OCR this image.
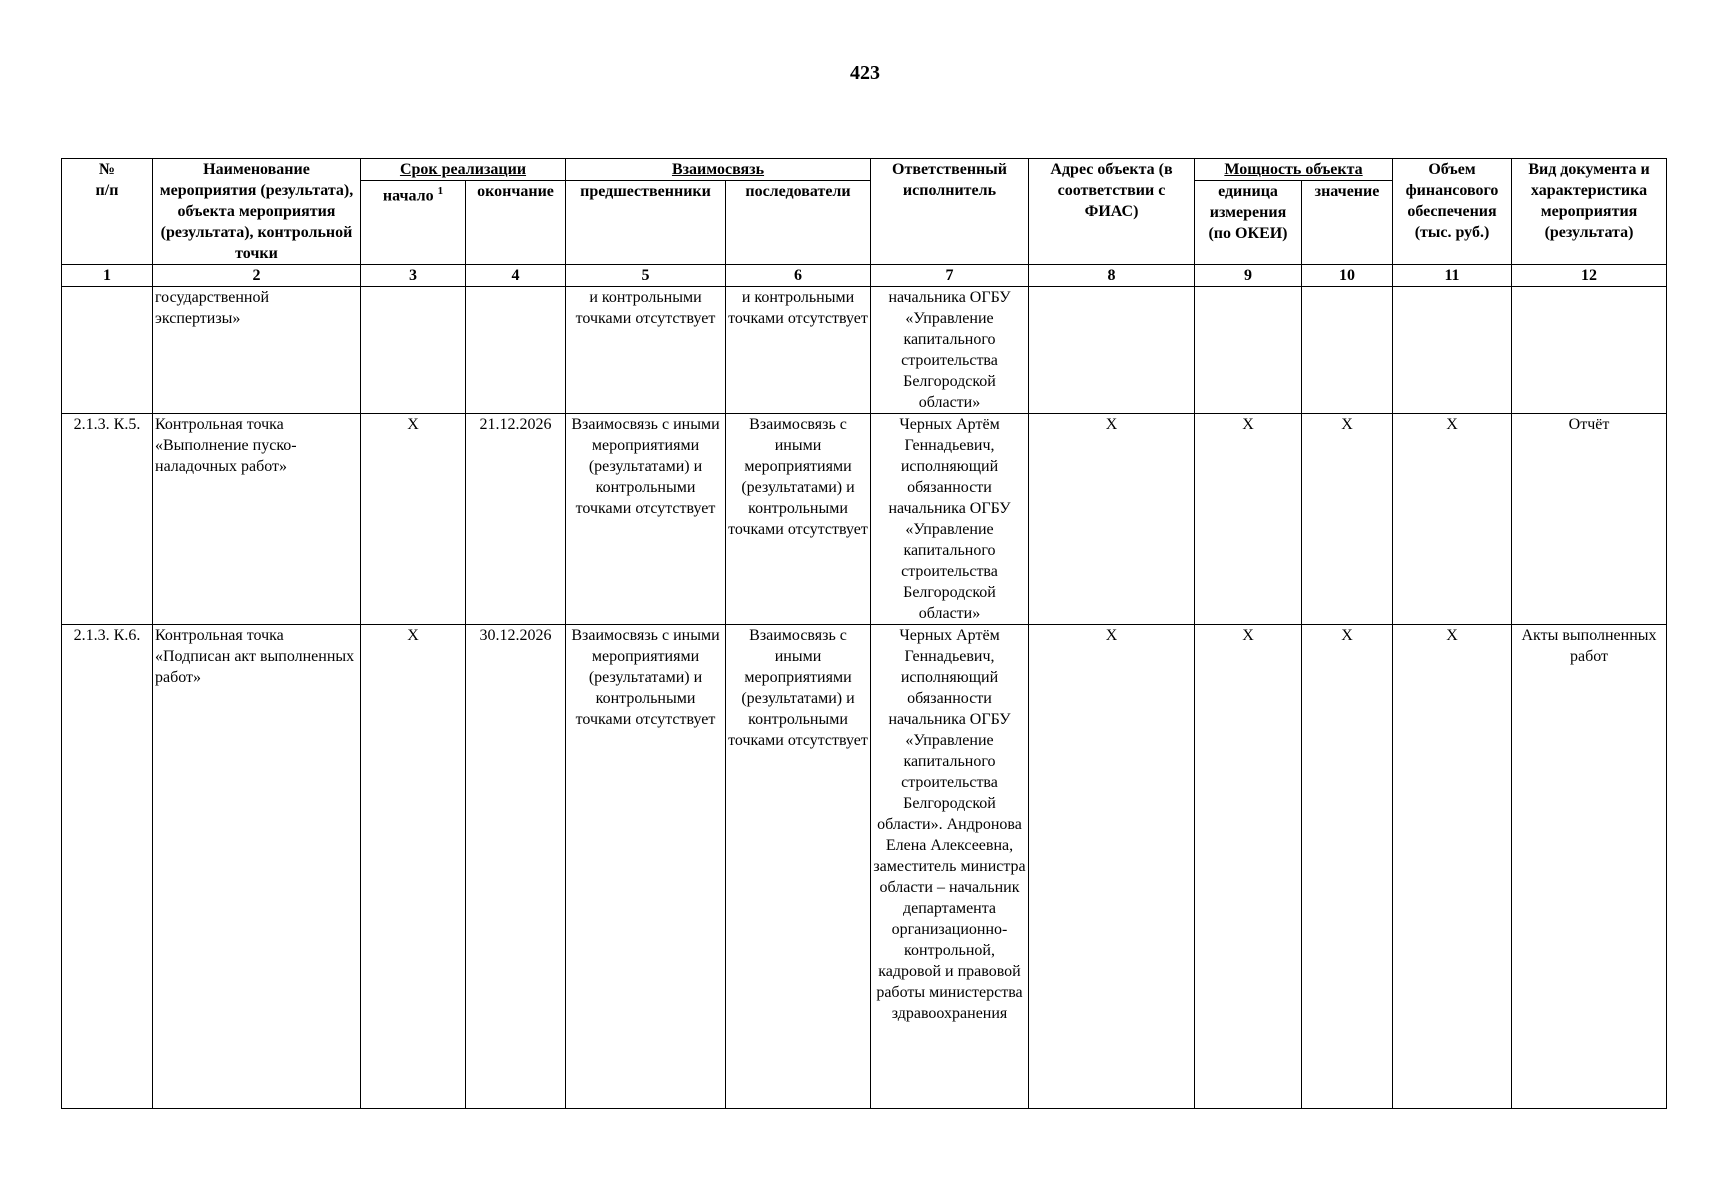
423
№
п/п	Наименование мероприятия (результата), объекта мероприятия (результата), контрольной точки	Срок реализации		Взаимосвязь		Ответственный исполнитель	Адрес объекта (в соответствии с ФИАС)	Мощность объекта		Объем финансового обеспечения (тыс. руб.)	Вид документа и характеристика мероприятия (результата)
		начало $^1$	окончание	предшественники	последователи			единица измерения (по ОКЕИ)	значение		
1	2	3	4	5	6	7	8	9	10	11	12
	государственной экспертизы»			и контрольными точками отсутствует	и контрольными точками отсутствует	начальника ОГБУ «Управление капитального строительства Белгородской области»					
2.1.3. К.5.	Контрольная точка «Выполнение пуско-наладочных работ»	X	21.12.2026	Взаимосвязь с иными мероприятиями (результатами) и контрольными точками отсутствует	Взаимосвязь с иными мероприятиями (результатами) и контрольными точками отсутствует	Черных Артём Геннадьевич, исполняющий обязанности начальника ОГБУ «Управление капитального строительства Белгородской области»	X	X	X	X	Отчёт
2.1.3. К.6.	Контрольная точка «Подписан акт выполненных работ»	X	30.12.2026	Взаимосвязь с иными мероприятиями (результатами) и контрольными точками отсутствует	Взаимосвязь с иными мероприятиями (результатами) и контрольными точками отсутствует	Черных Артём Геннадьевич, исполняющий обязанности начальника ОГБУ «Управление капитального строительства Белгородской области». Андронова Елена Алексеевна, заместитель министра области – начальник департамента организационно-контрольной, кадровой и правовой работы министерства здравоохранения	X	X	X	X	Акты выполненных работ
